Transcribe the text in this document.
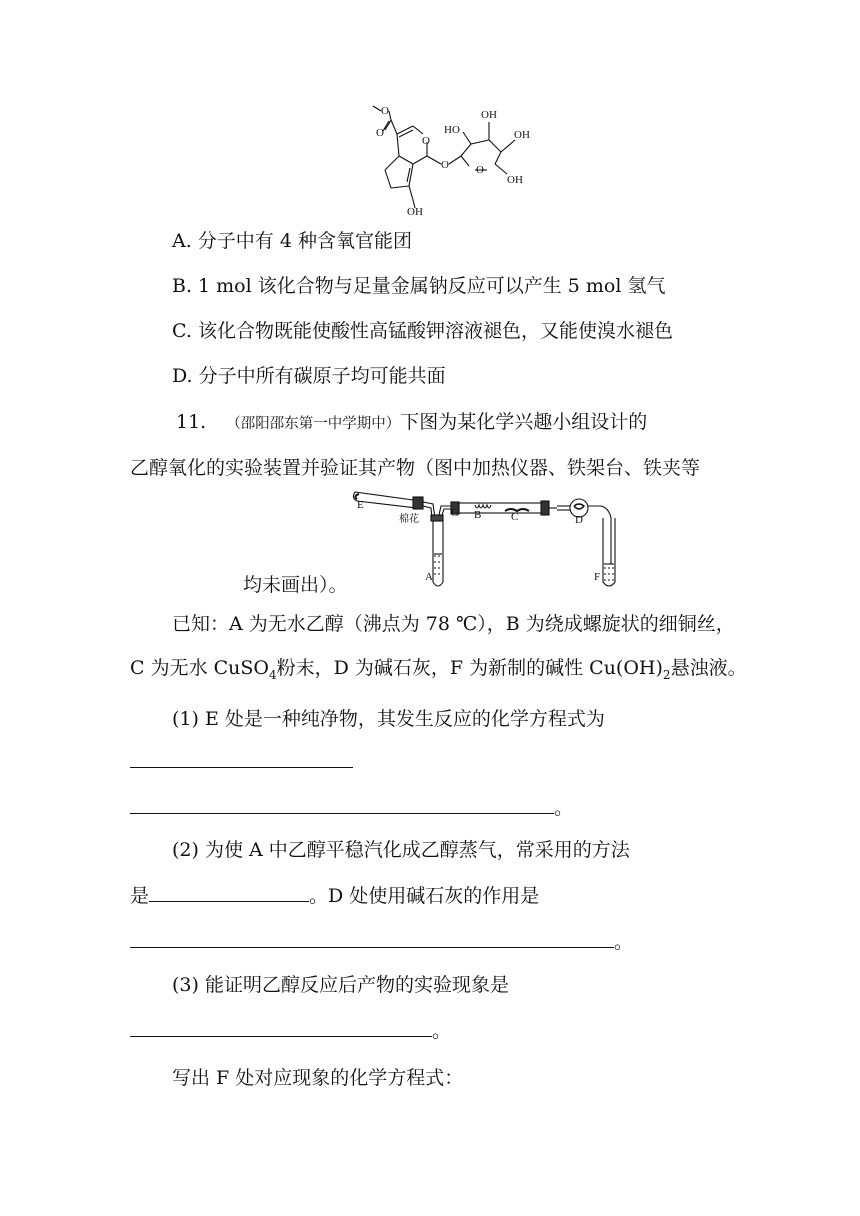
O
O
O
HO
OH
OH
O O
OH
OH
A. 分子中有 4 种含氧官能团
B. 1 mol 该化合物与足量金属钠反应可以产生 5 mol 氢气
C. 该化合物既能使酸性高锰酸钾溶液褪色，又能使溴水褪色
D. 分子中所有碳原子均可能共面
11. （邵阳邵东第一中学期中）下图为某化学兴趣小组设计的
乙醇氧化的实验装置并验证其产物（图中加热仪器、铁架台、铁夹等
E
棉花
G B	C	D
A	F
均未画出）。
已知：A 为无水乙醇（沸点为 78 ℃），B 为绕成螺旋状的细铜丝，
C 为无水 CuSO$_4$粉末，D 为碱石灰，F 为新制的碱性 $Cu(OH)_2$悬浊液。
(1) E 处是一种纯净物，其发生反应的化学方程式为
。
(2) 为使 A 中乙醇平稳汽化成乙醇蒸气，常采用的方法
是	。D 处使用碱石灰的作用是
。
(3) 能证明乙醇反应后产物的实验现象是
。
写出 F 处对应现象的化学方程式：
